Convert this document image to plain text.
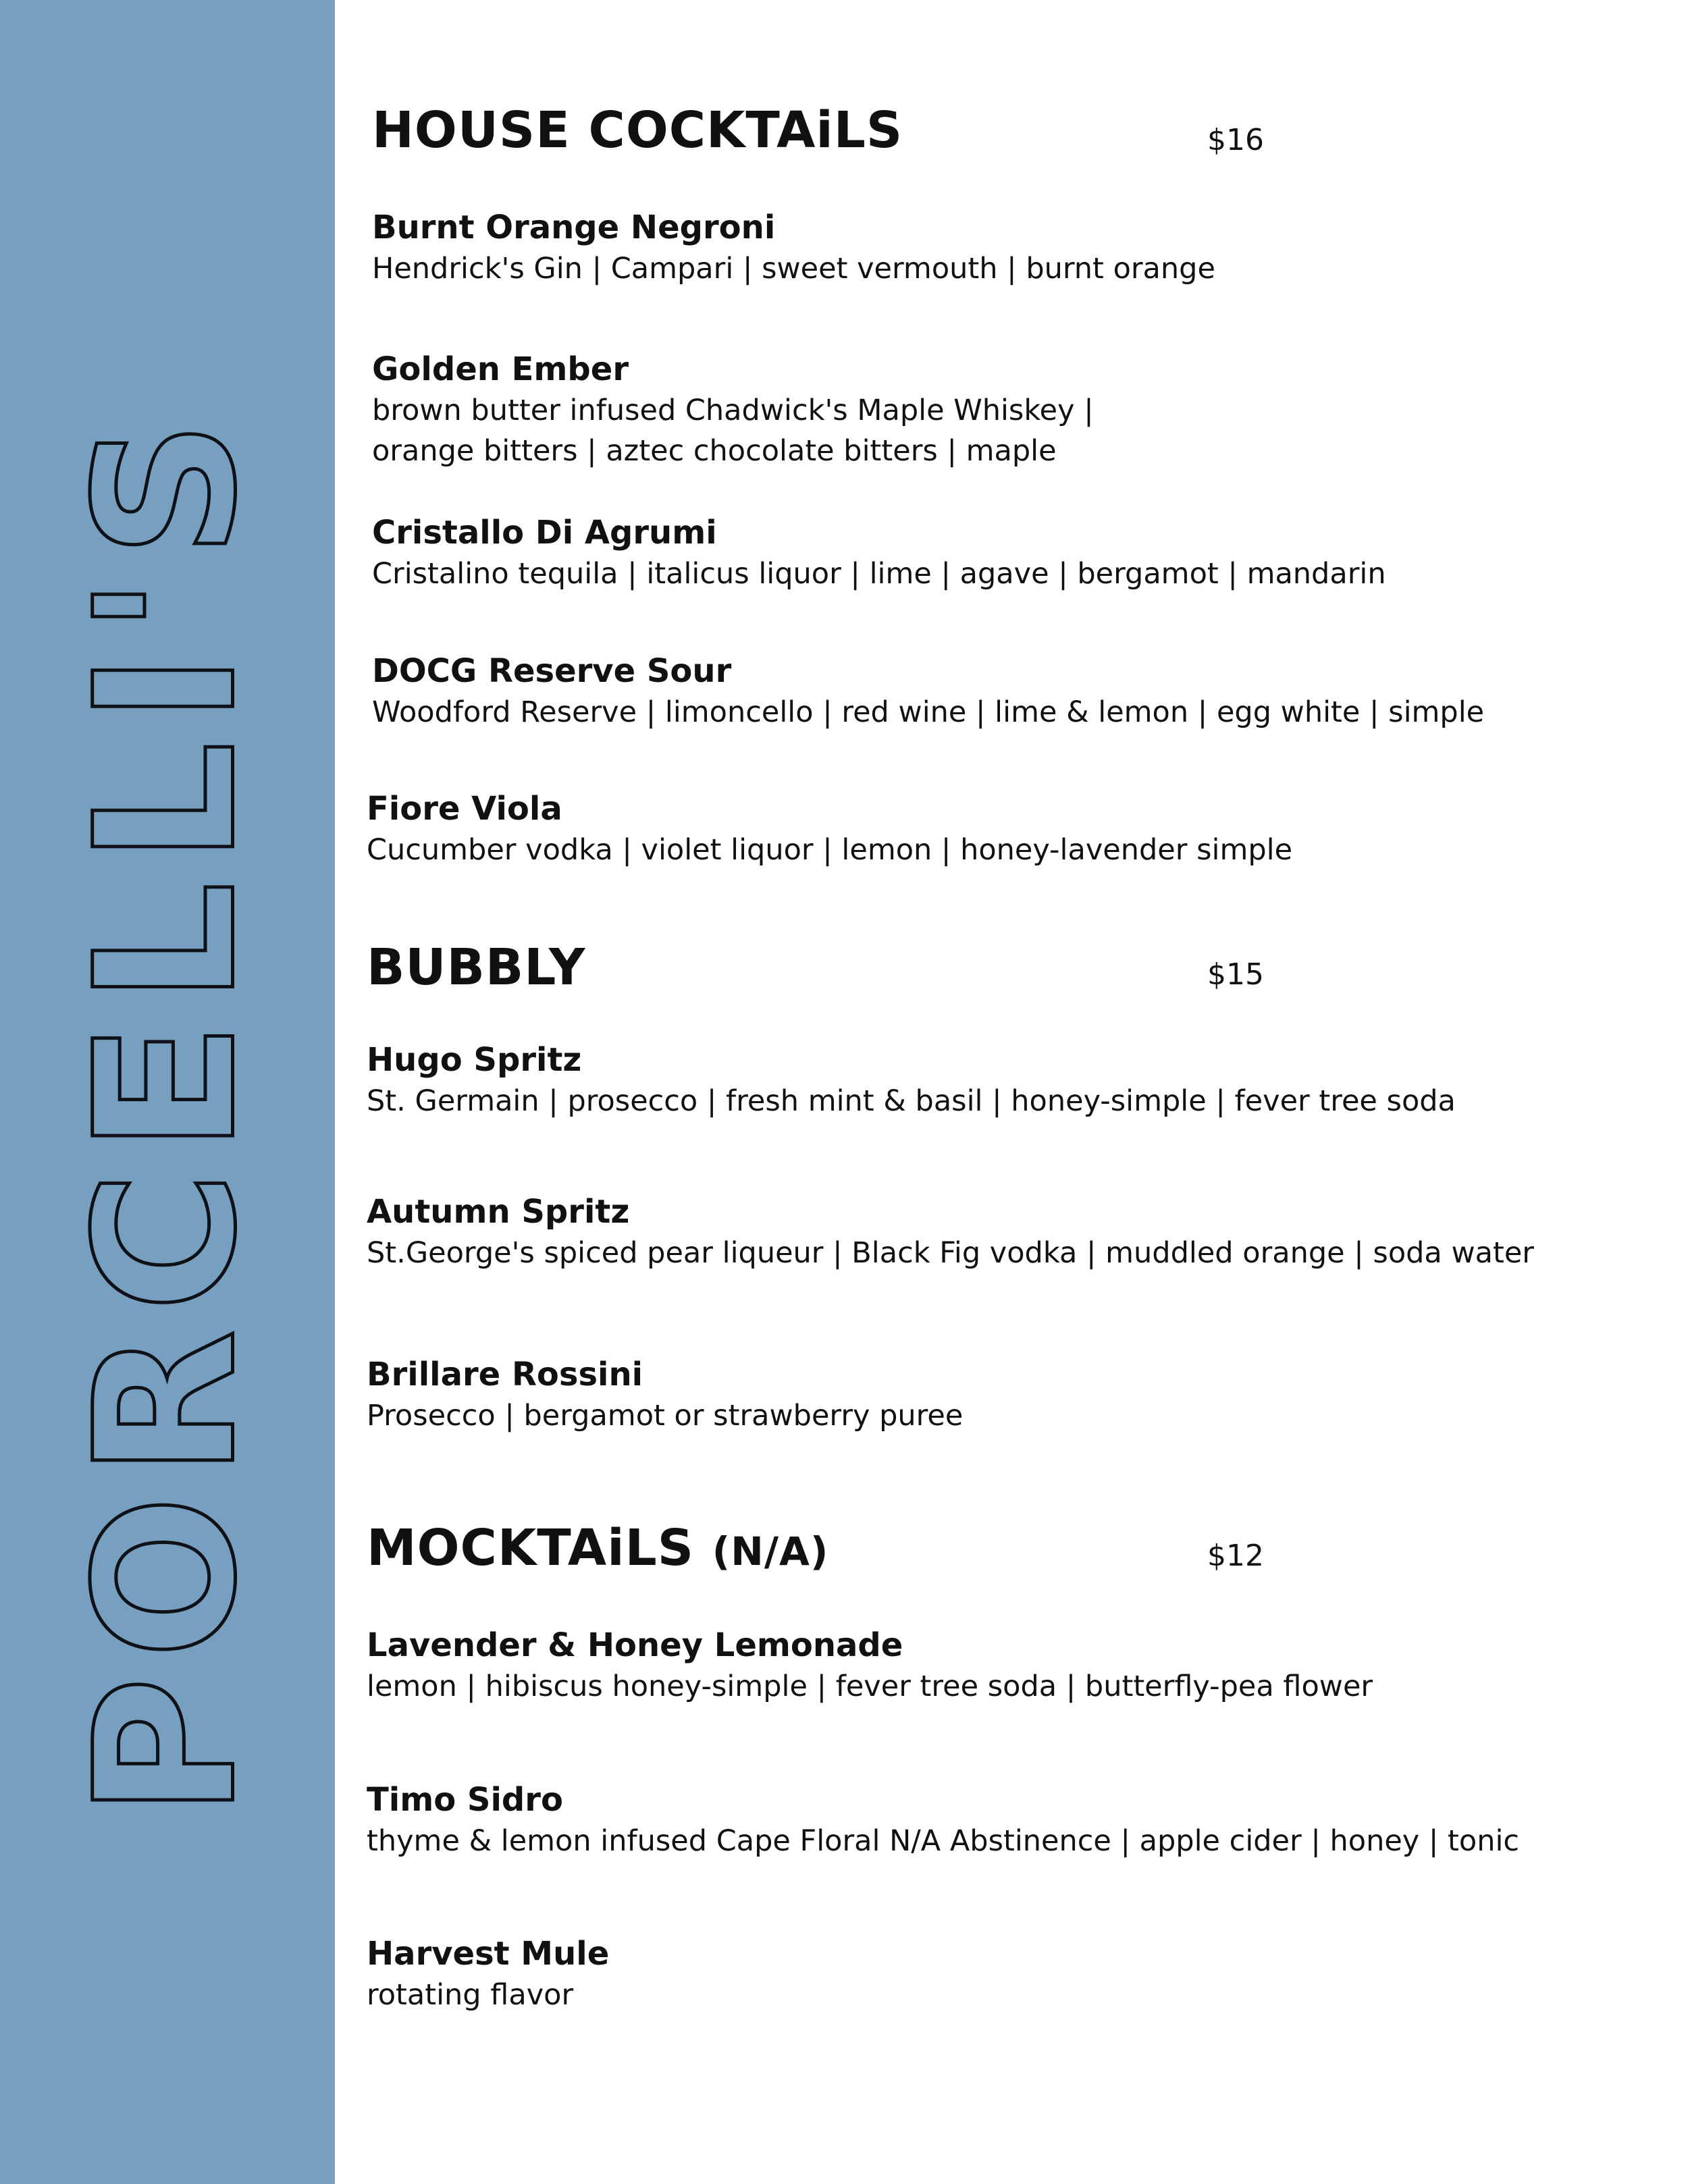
PORCELLI'S
HOUSE COCKTAiLS	$16
Burnt Orange Negroni
Hendrick's Gin | Campari | sweet vermouth | burnt orange
Golden Ember
brown butter infused Chadwick's Maple Whiskey |
orange bitters | aztec chocolate bitters | maple
Cristallo Di Agrumi
Cristalino tequila | italicus liquor | lime | agave | bergamot | mandarin
DOCG Reserve Sour
Woodford Reserve | limoncello | red wine | lime & lemon | egg white | simple
Fiore Viola
Cucumber vodka | violet liquor | lemon | honey-lavender simple
BUBBLY	$15
Hugo Spritz
St. Germain | prosecco | fresh mint & basil | honey-simple | fever tree soda
Autumn Spritz
St.George's spiced pear liqueur | Black Fig vodka | muddled orange | soda water
Brillare Rossini
Prosecco | bergamot or strawberry puree
MOCKTAiLS (N/A)	$12
Lavender & Honey Lemonade
lemon | hibiscus honey-simple | fever tree soda | butterfly-pea flower
Timo Sidro
thyme & lemon infused Cape Floral N/A Abstinence | apple cider | honey | tonic
Harvest Mule
rotating flavor
